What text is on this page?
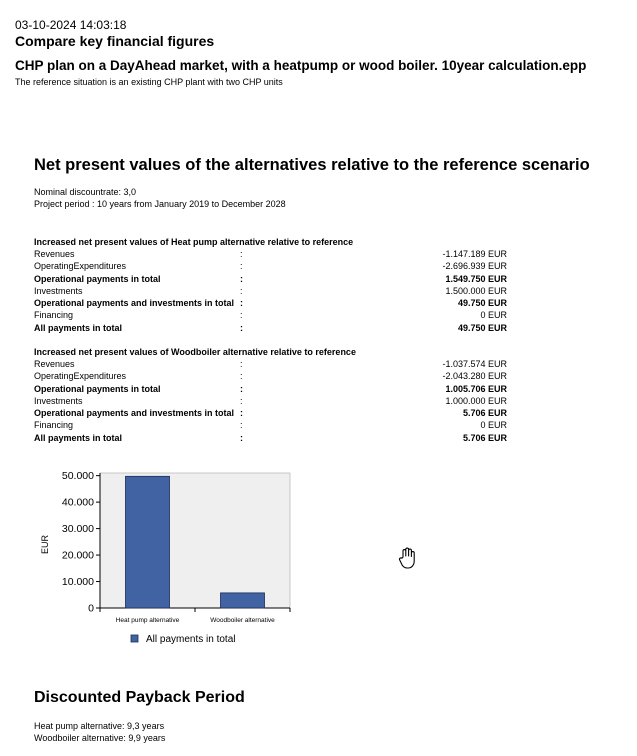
03-10-2024 14:03:18
Compare key financial figures
CHP plan on a DayAhead market, with a heatpump or wood boiler. 10year calculation.epp
The reference situation is an existing CHP plant with two CHP units
Net present values of the alternatives relative to the reference scenario
Nominal discountrate: 3,0
Project period : 10 years from January 2019 to December 2028
Increased net present values of Heat pump alternative relative to reference
Revenues	:	-1.147.189 EUR
OperatingExpenditures	:	-2.696.939 EUR
Operational payments in total	:	1.549.750 EUR
Investments	:	1.500.000 EUR
Operational payments and investments in total :	49.750 EUR
Financing	:	0 EUR
All payments in total	:	49.750 EUR
Increased net present values of Woodboiler alternative relative to reference
Revenues	:	-1.037.574 EUR
OperatingExpenditures	:	-2.043.280 EUR
Operational payments in total	:	1.005.706 EUR
Investments	:	1.000.000 EUR
Operational payments and investments in total :	5.706 EUR
Financing	:	0 EUR
All payments in total	:	5.706 EUR
0
10.000
20.000
30.000
40.000
50.000
EUR
Heat pump alternative	Woodboiler alternative
All payments in total
Discounted Payback Period
Heat pump alternative: 9,3 years
Woodboiler alternative: 9,9 years
